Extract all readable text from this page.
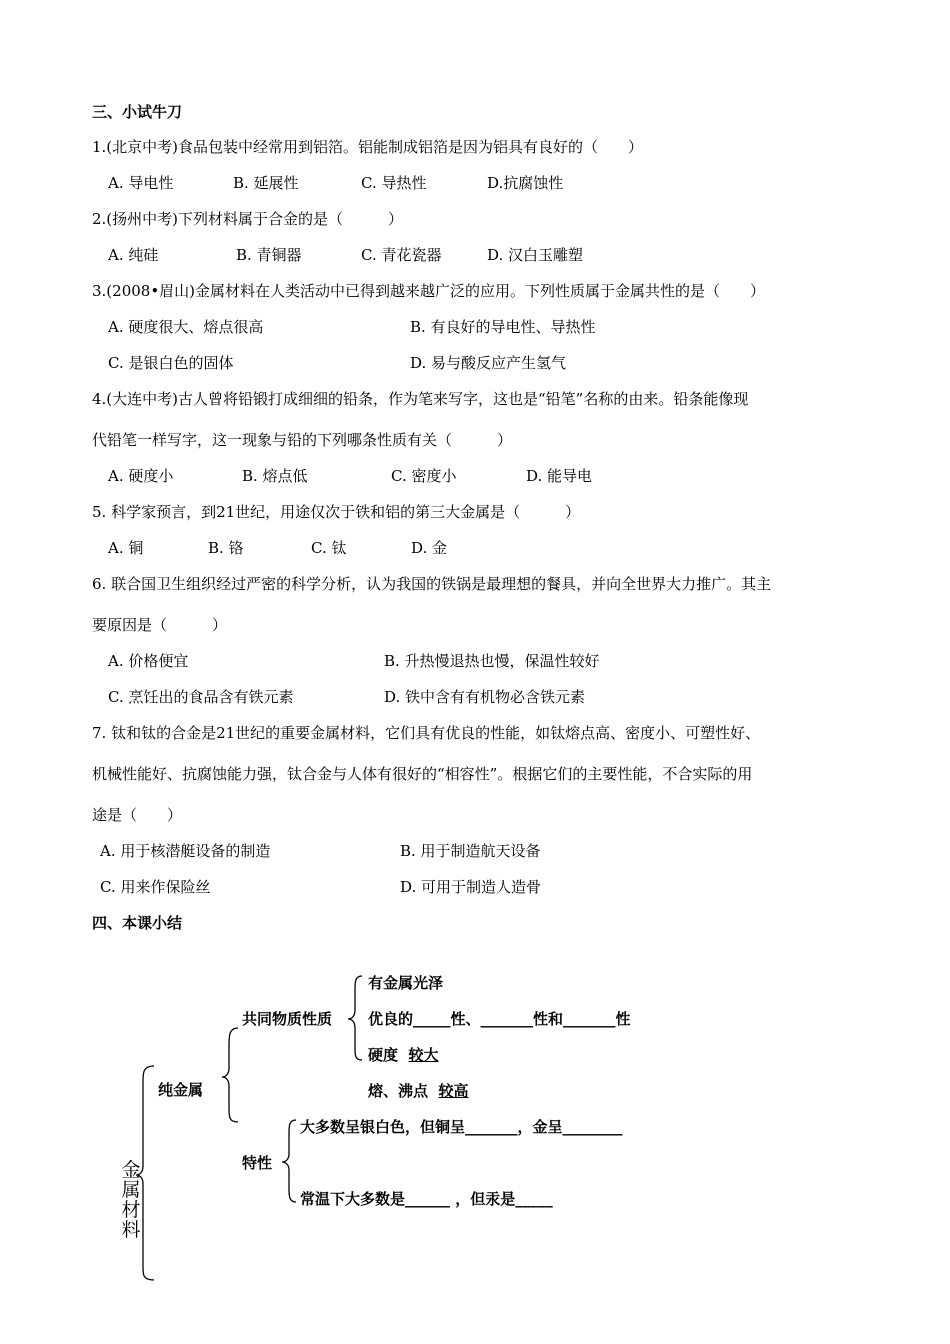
三、小试牛刀
1.(北京中考)食品包装中经常用到铝箔。铝能制成铝箔是因为铝具有良好的（　　）
A. 导电性	B. 延展性	C. 导热性	D.抗腐蚀性
2.(扬州中考)下列材料属于合金的是（　　　）
A. 纯硅	B. 青铜器	C. 青花瓷器	D. 汉白玉雕塑
3.(2008•眉山)金属材料在人类活动中已得到越来越广泛的应用。下列性质属于金属共性的是（　　）
A. 硬度很大、熔点很高	B. 有良好的导电性、导热性
C. 是银白色的固体	D. 易与酸反应产生氢气
4.(大连中考)古人曾将铅锻打成细细的铅条，作为笔来写字，这也是“铅笔”名称的由来。铅条能像现
代铅笔一样写字，这一现象与铅的下列哪条性质有关（　　　）
A. 硬度小	B. 熔点低	C. 密度小	D. 能导电
5. 科学家预言，到21世纪，用途仅次于铁和铝的第三大金属是（　　　）
A. 铜	B. 铬	C. 钛	D. 金
6. 联合国卫生组织经过严密的科学分析，认为我国的铁锅是最理想的餐具，并向全世界大力推广。其主
要原因是（　　　）
A. 价格便宜	B. 升热慢退热也慢，保温性较好
C. 烹饪出的食品含有铁元素	D. 铁中含有有机物必含铁元素
7. 钛和钛的合金是21世纪的重要金属材料，它们具有优良的性能，如钛熔点高、密度小、可塑性好、
机械性能好、抗腐蚀能力强，钛合金与人体有很好的“相容性”。根据它们的主要性能，不合实际的用
途是（　　）
A. 用于核潜艇设备的制造	B. 用于制造航天设备
C. 用来作保险丝	D. 可用于制造人造骨
四、本课小结
金属材料
纯金属
共同物质性质
有金属光泽
优良的_____性、_______性和_______性
硬度 较大
熔、沸点 较高
特性
大多数呈银白色，但铜呈_______，金呈________
常温下大多数是______ ，但汞是_____
